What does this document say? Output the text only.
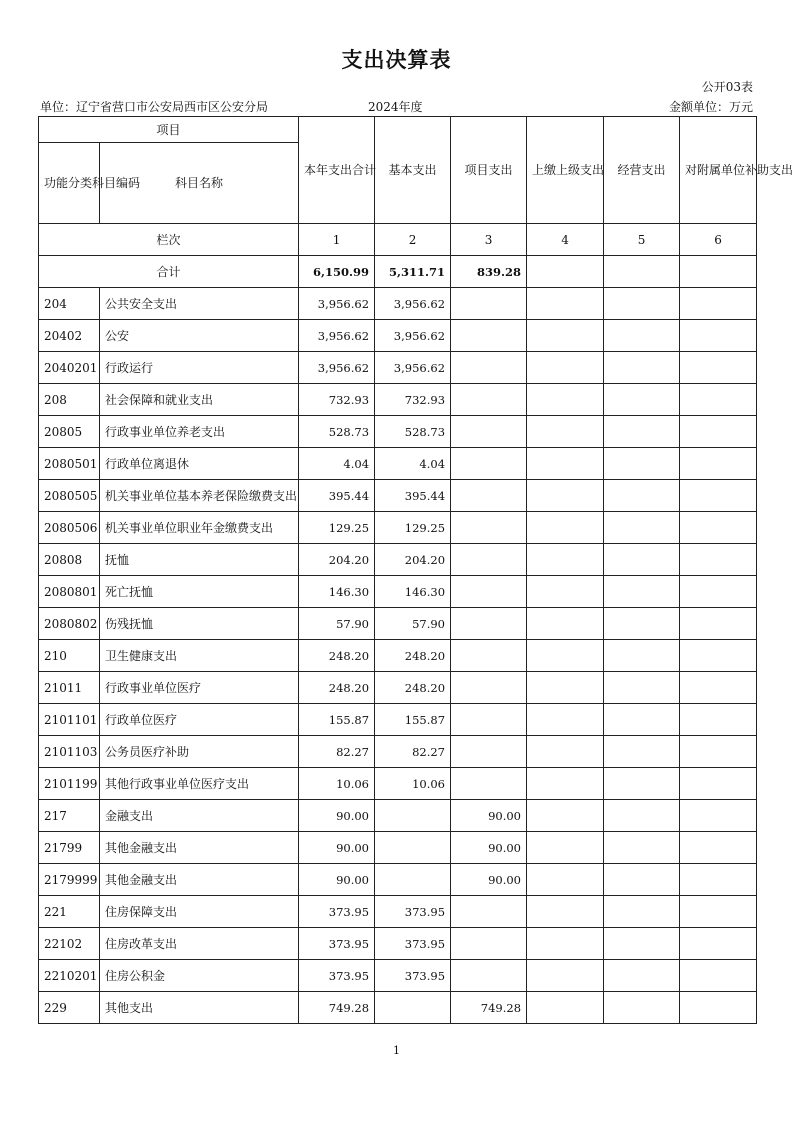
支出决算表
公开03表
单位：辽宁省营口市公安局西市区公安分局	2024年度	金额单位：万元
项目		本年支出合计	基本支出	项目支出	上缴上级支出	经营支出	对附属单位补助支出
功能分类科目编码	科目名称						
栏次		1	2	3	4	5	6
合计		6,150.99	5,311.71	839.28			
204	公共安全支出	3,956.62	3,956.62				
20402	公安	3,956.62	3,956.62				
2040201	行政运行	3,956.62	3,956.62				
208	社会保障和就业支出	732.93	732.93				
20805	行政事业单位养老支出	528.73	528.73				
2080501	行政单位离退休	4.04	4.04				
2080505	机关事业单位基本养老保险缴费支出	395.44	395.44				
2080506	机关事业单位职业年金缴费支出	129.25	129.25				
20808	抚恤	204.20	204.20				
2080801	死亡抚恤	146.30	146.30				
2080802	伤残抚恤	57.90	57.90				
210	卫生健康支出	248.20	248.20				
21011	行政事业单位医疗	248.20	248.20				
2101101	行政单位医疗	155.87	155.87				
2101103	公务员医疗补助	82.27	82.27				
2101199	其他行政事业单位医疗支出	10.06	10.06				
217	金融支出	90.00		90.00			
21799	其他金融支出	90.00		90.00			
2179999	其他金融支出	90.00		90.00			
221	住房保障支出	373.95	373.95				
22102	住房改革支出	373.95	373.95				
2210201	住房公积金	373.95	373.95				
229	其他支出	749.28		749.28			
1
